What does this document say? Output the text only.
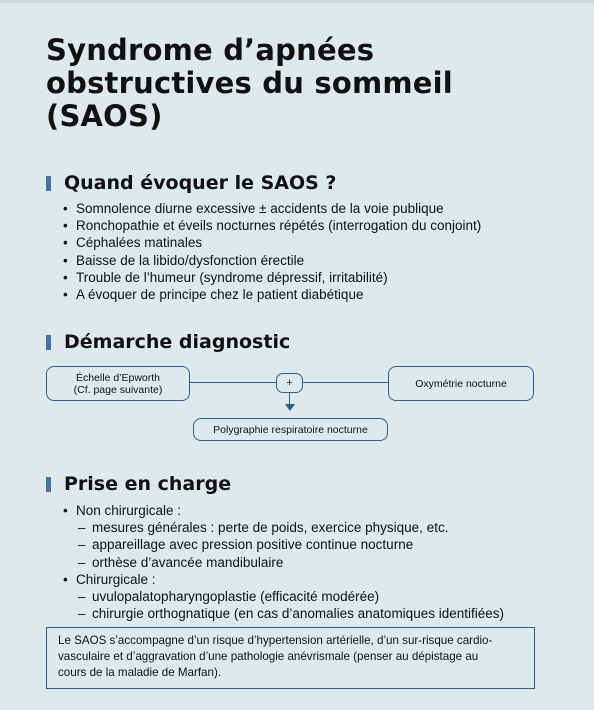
Syndrome d’apnées
obstructives du sommeil
(SAOS)
Quand évoquer le SAOS ?
• Somnolence diurne excessive ± accidents de la voie publique
• Ronchopathie et éveils nocturnes répétés (interrogation du conjoint)
• Céphalées matinales
• Baisse de la libido/dysfonction érectile
• Trouble de l’humeur (syndrome dépressif, irritabilité)
• A évoquer de principe chez le patient diabétique
Démarche diagnostic
Échelle d’Epworth
(Cf. page suivante)
+	Oxymétrie nocturne
Polygraphie respiratoire nocturne
Prise en charge
• Non chirurgicale :
– mesures générales : perte de poids, exercice physique, etc.
– appareillage avec pression positive continue nocturne
– orthèse d’avancée mandibulaire
• Chirurgicale :
– uvulopalatopharyngoplastie (efficacité modérée)
– chirurgie orthognatique (en cas d’anomalies anatomiques identifiées)
Le SAOS s’accompagne d’un risque d’hypertension artérielle, d’un sur-risque cardio-
vasculaire et d’aggravation d’une pathologie anévrismale (penser au dépistage au
cours de la maladie de Marfan).
